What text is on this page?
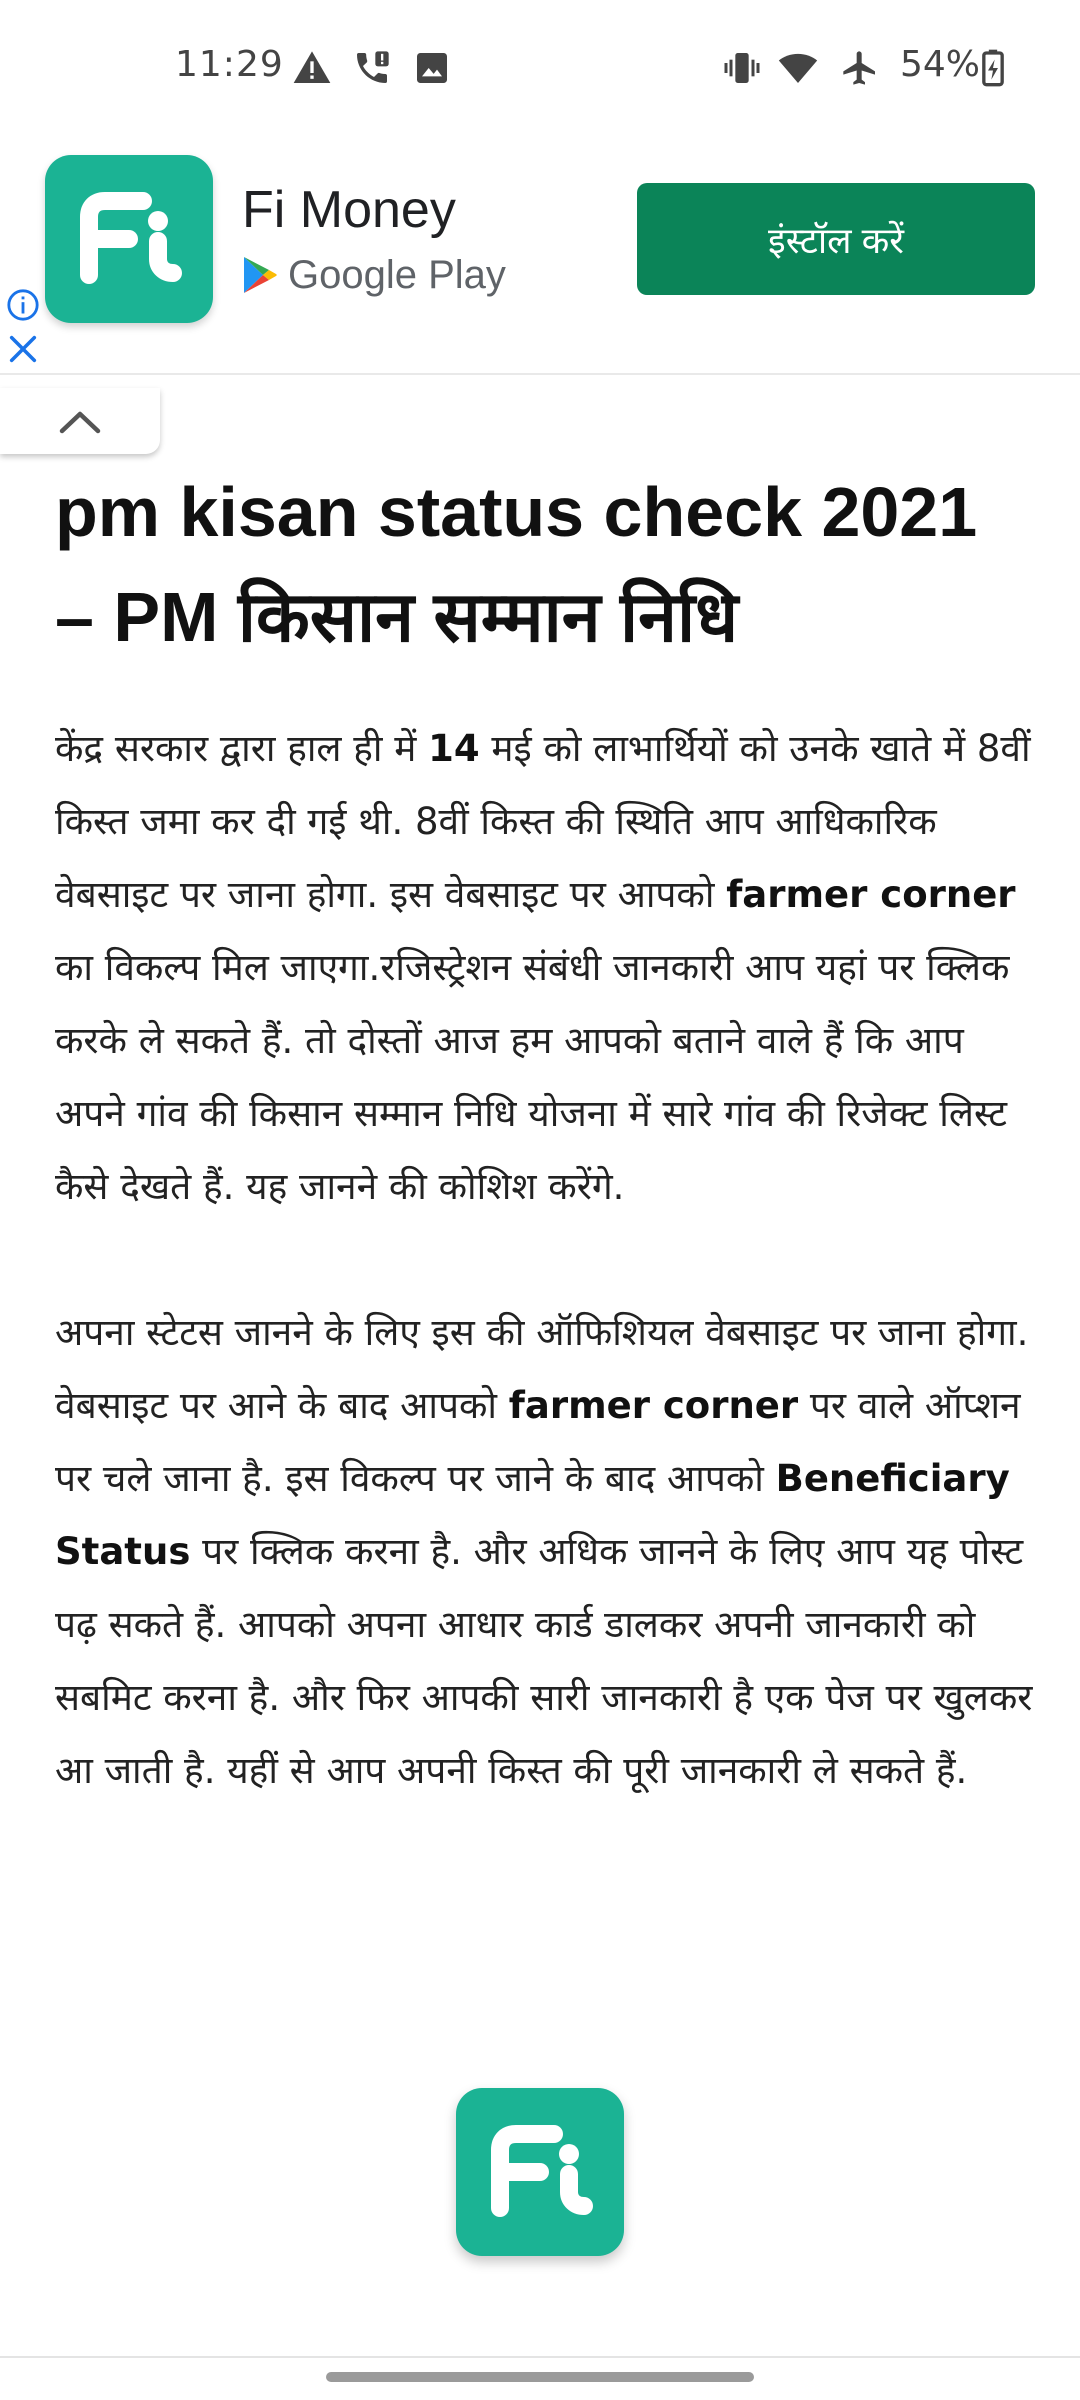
11:29	54%
Fi Money
Google Play
इंस्टॉल करें
pm kisan status check 2021 – PM किसान सम्मान निधि

केंद्र सरकार द्वारा हाल ही में 14 मई को लाभार्थियों को उनके खाते में 8वीं किस्त जमा कर दी गई थी. 8वीं किस्त की स्थिति आप आधिकारिक वेबसाइट पर जाना होगा. इस वेबसाइट पर आपको farmer corner का विकल्प मिल जाएगा.रजिस्ट्रेशन संबंधी जानकारी आप यहां पर क्लिक करके ले सकते हैं. तो दोस्तों आज हम आपको बताने वाले हैं कि आप अपने गांव की किसान सम्मान निधि योजना में सारे गांव की रिजेक्ट लिस्ट कैसे देखते हैं. यह जानने की कोशिश करेंगे.

अपना स्टेटस जानने के लिए इस की ऑफिशियल वेबसाइट पर जाना होगा. वेबसाइट पर आने के बाद आपको farmer corner पर वाले ऑप्शन पर चले जाना है. इस विकल्प पर जाने के बाद आपको Beneficiary Status पर क्लिक करना है. और अधिक जानने के लिए आप यह पोस्ट पढ़ सकते हैं. आपको अपना आधार कार्ड डालकर अपनी जानकारी को सबमिट करना है. और फिर आपकी सारी जानकारी है एक पेज पर खुलकर आ जाती है. यहीं से आप अपनी किस्त की पूरी जानकारी ले सकते हैं.
